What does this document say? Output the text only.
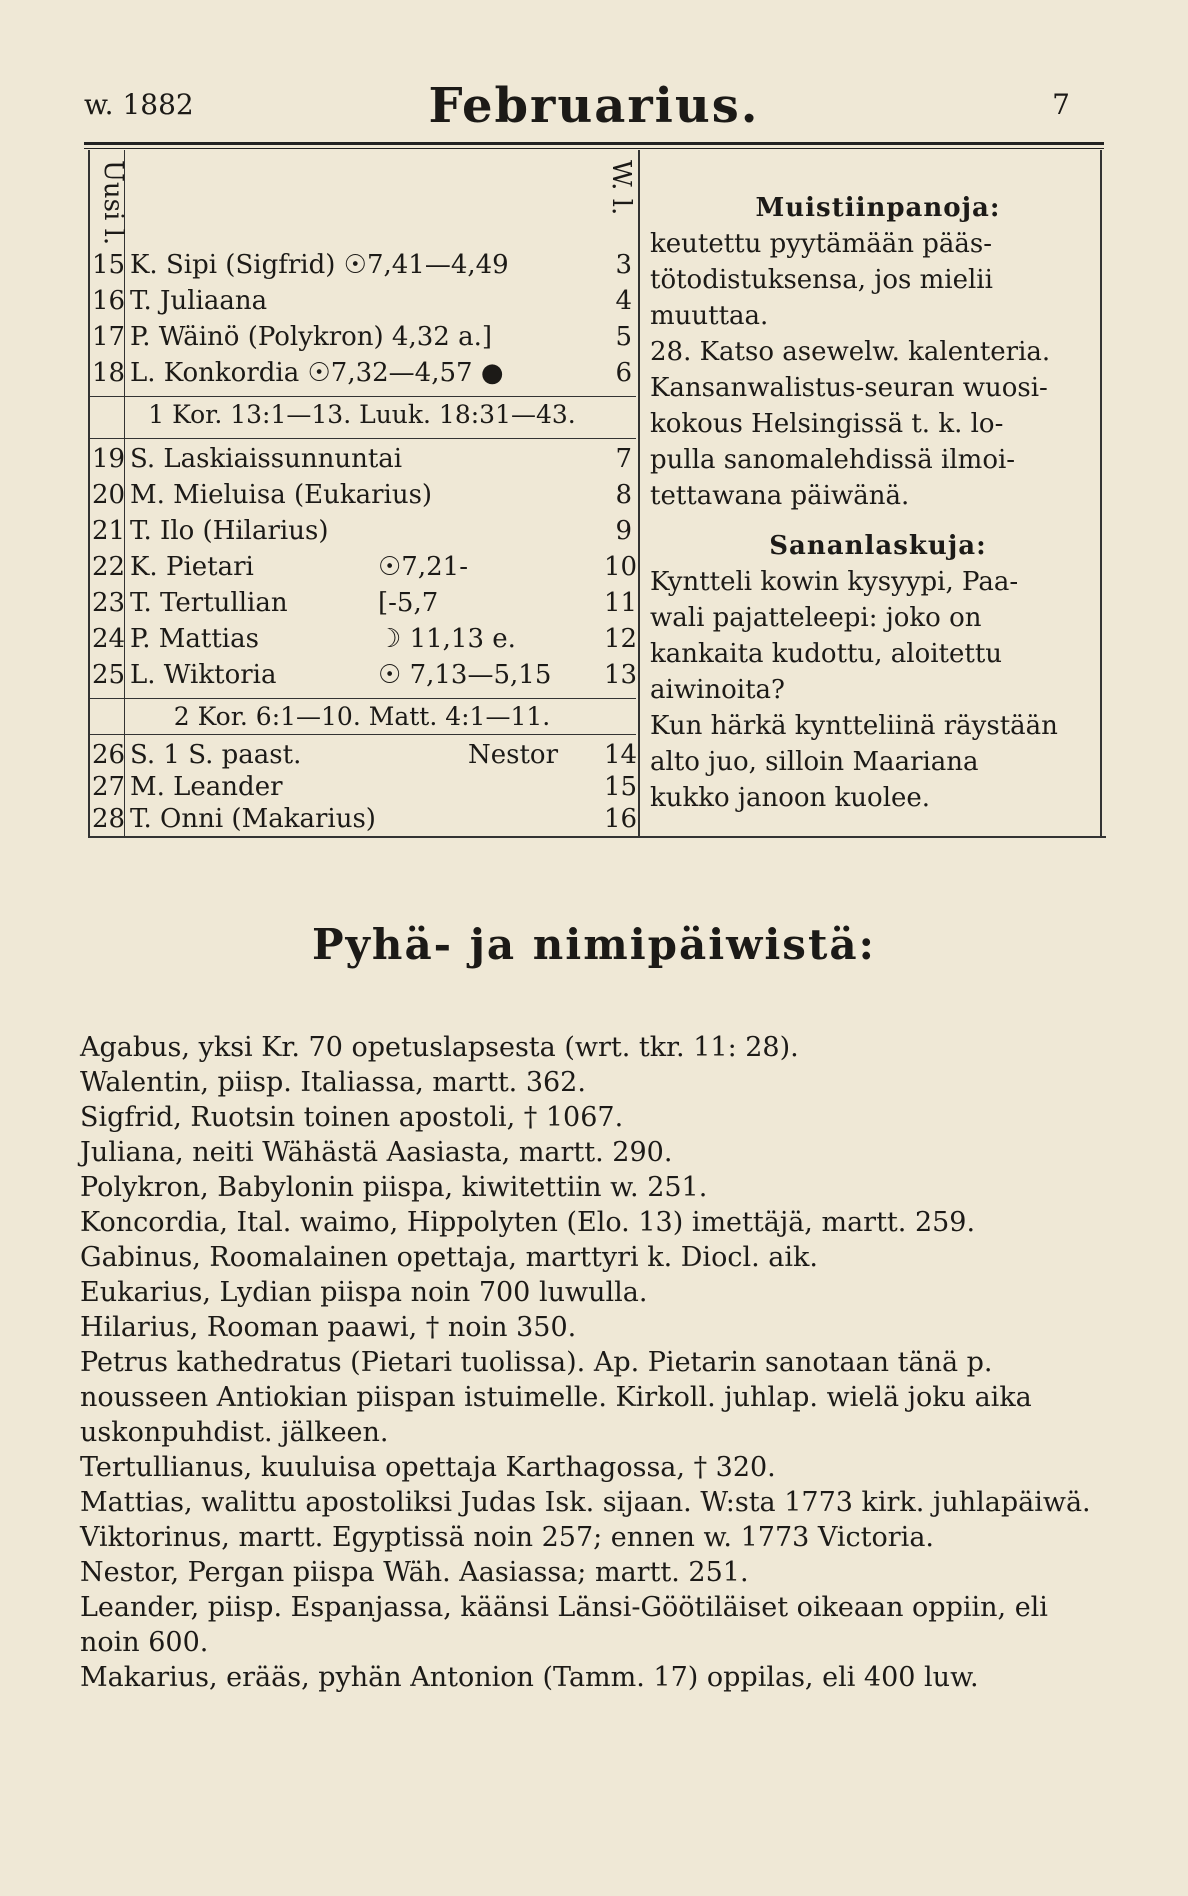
w. 1882	Februarius.	7
Uusi l.	W. l.
15 K. Sipi (Sigfrid) ☉7,41—4,49	3
16 T. Juliaana	4
17 P. Wäinö (Polykron) 4,32 a.]	5
18 L. Konkordia ☉7,32—4,57 ●	6
1 Kor. 13:1—13. Luuk. 18:31—43.
19 S. Laskiaissunnuntai	7
20 M. Mieluisa (Eukarius)	8
21 T. Ilo (Hilarius)	9
22 K. Pietari	☉7,21-	10
23 T. Tertullian	[-5,7	11
24 P. Mattias	☽ 11,13 e.	12
25 L. Wiktoria	☉ 7,13—5,15 13
2 Kor. 6:1—10. Matt. 4:1—11.
26 S. 1 S. paast.	Nestor 14
27 M. Leander	15
28 T. Onni (Makarius)	16
Muistiinpanoja:
keutettu pyytämään pääs-
tötodistuksensa, jos mielii
muuttaa.
28. Katso asewelw. kalenteria.
Kansanwalistus-seuran wuosi-
kokous Helsingissä t. k. lo-
pulla sanomalehdissä ilmoi-
tettawana päiwänä.
Sananlaskuja:
Kyntteli kowin kysyypi, Paa-
wali pajatteleepi: joko on
kankaita kudottu, aloitettu
aiwinoita?
Kun härkä kyntteliinä räystään
alto juo, silloin Maariana
kukko janoon kuolee.
Pyhä- ja nimipäiwistä:
Agabus, yksi Kr. 70 opetuslapsesta (wrt. tkr. 11: 28).
Walentin, piisp. Italiassa, martt. 362.
Sigfrid, Ruotsin toinen apostoli, † 1067.
Juliana, neiti Wähästä Aasiasta, martt. 290.
Polykron, Babylonin piispa, kiwitettiin w. 251.
Koncordia, Ital. waimo, Hippolyten (Elo. 13) imettäjä, martt. 259.
Gabinus, Roomalainen opettaja, marttyri k. Diocl. aik.
Eukarius, Lydian piispa noin 700 luwulla.
Hilarius, Rooman paawi, † noin 350.
Petrus kathedratus (Pietari tuolissa). Ap. Pietarin sanotaan tänä p. nousseen Antiokian piispan istuimelle. Kirkoll. juhlap. wielä joku aika uskonpuhdist. jälkeen.
Tertullianus, kuuluisa opettaja Karthagossa, † 320.
Mattias, walittu apostoliksi Judas Isk. sijaan. W:sta 1773 kirk. juhlapäiwä.
Viktorinus, martt. Egyptissä noin 257; ennen w. 1773 Victoria.
Nestor, Pergan piispa Wäh. Aasiassa; martt. 251.
Leander, piisp. Espanjassa, käänsi Länsi-Göötiläiset oikeaan oppiin, eli noin 600.
Makarius, erääs, pyhän Antonion (Tamm. 17) oppilas, eli 400 luw.
